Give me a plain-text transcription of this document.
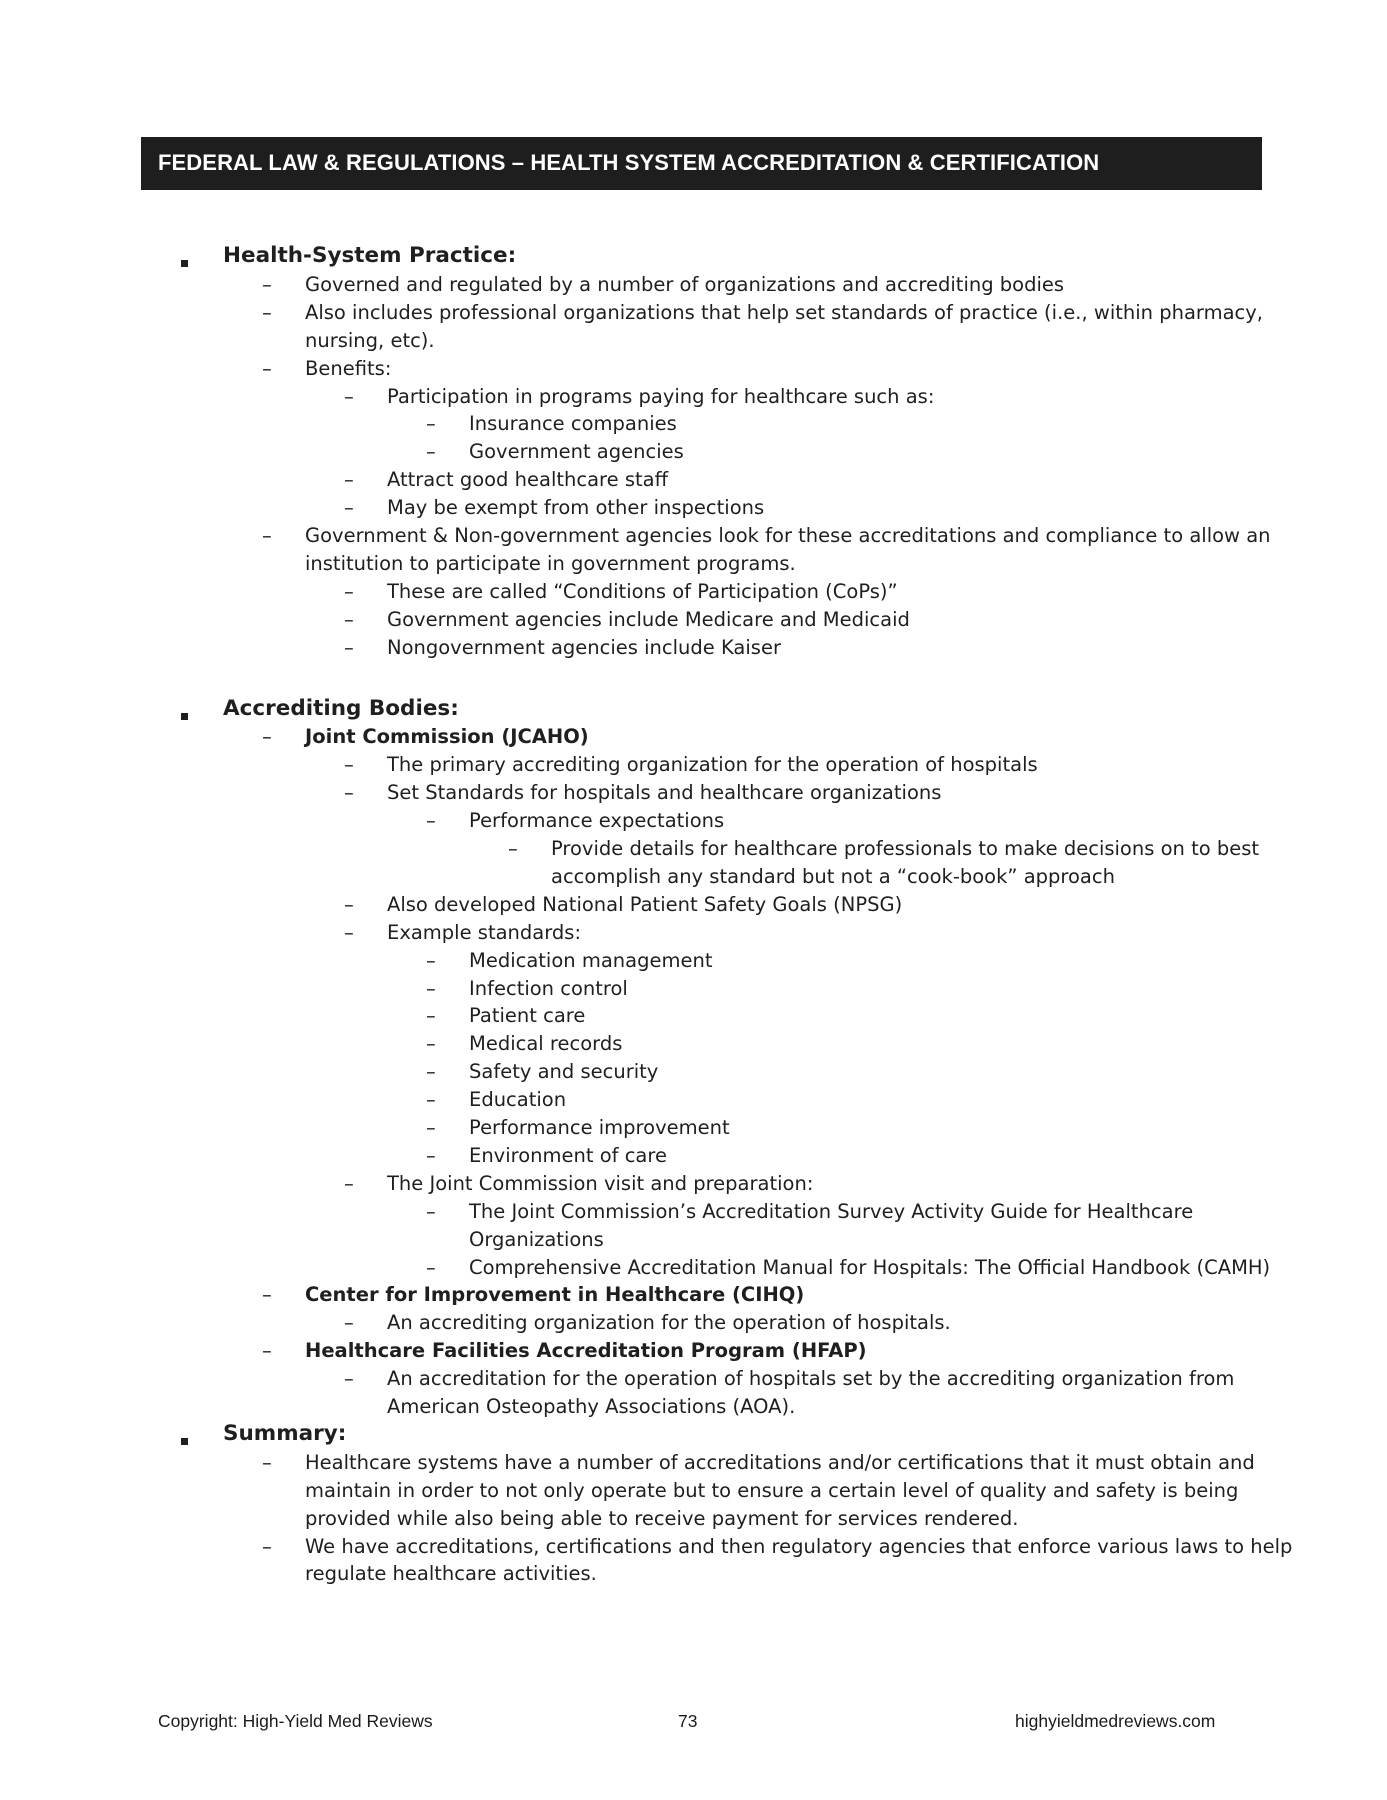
FEDERAL LAW & REGULATIONS – HEALTH SYSTEM ACCREDITATION & CERTIFICATION
Health-System Practice:
Governed and regulated by a number of organizations and accrediting bodies
–
Also includes professional organizations that help set standards of practice (i.e., within pharmacy,
–
nursing, etc).
Benefits:
–
Participation in programs paying for healthcare such as:
–
Insurance companies
–
Government agencies
–
Attract good healthcare staff
–
May be exempt from other inspections
–
Government & Non-government agencies look for these accreditations and compliance to allow an
–
institution to participate in government programs.
These are called “Conditions of Participation (CoPs)”
–
Government agencies include Medicare and Medicaid
–
Nongovernment agencies include Kaiser
–
Accrediting Bodies:
Joint Commission (JCAHO)
–
The primary accrediting organization for the operation of hospitals
–
Set Standards for hospitals and healthcare organizations
–
Performance expectations
–
Provide details for healthcare professionals to make decisions on to best
–
accomplish any standard but not a “cook-book” approach
Also developed National Patient Safety Goals (NPSG)
–
Example standards:
–
Medication management
–
Infection control
–
Patient care
–
Medical records
–
Safety and security
–
Education
–
Performance improvement
–
Environment of care
–
The Joint Commission visit and preparation:
–
The Joint Commission’s Accreditation Survey Activity Guide for Healthcare
–
Organizations
Comprehensive Accreditation Manual for Hospitals: The Official Handbook (CAMH)
–
Center for Improvement in Healthcare (CIHQ)
–
An accrediting organization for the operation of hospitals.
–
Healthcare Facilities Accreditation Program (HFAP)
–
An accreditation for the operation of hospitals set by the accrediting organization from
–
American Osteopathy Associations (AOA).
Summary:
Healthcare systems have a number of accreditations and/or certifications that it must obtain and
–
maintain in order to not only operate but to ensure a certain level of quality and safety is being
provided while also being able to receive payment for services rendered.
We have accreditations, certifications and then regulatory agencies that enforce various laws to help
–
regulate healthcare activities.
Copyright: High-Yield Med Reviews	73	highyieldmedreviews.com
